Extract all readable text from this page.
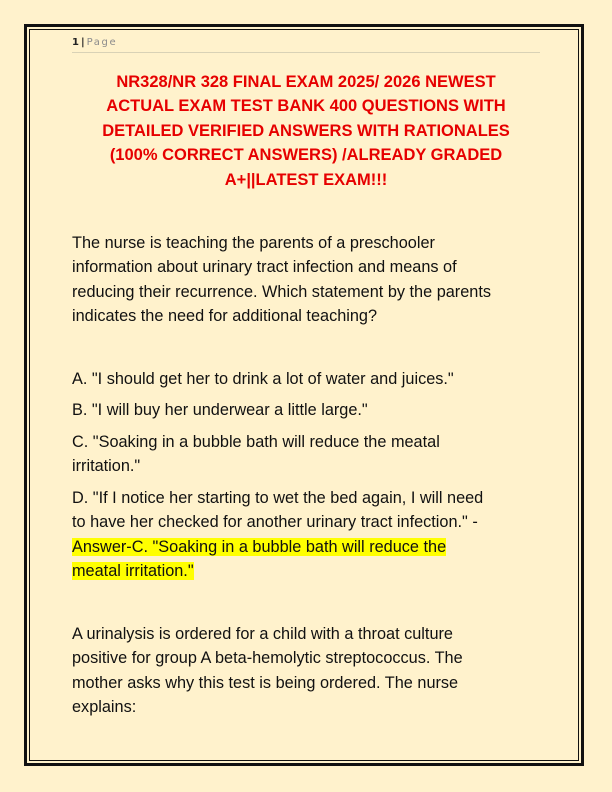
1 | Page
NR328/NR 328 FINAL EXAM 2025/ 2026 NEWEST
ACTUAL EXAM TEST BANK 400 QUESTIONS WITH
DETAILED VERIFIED ANSWERS WITH RATIONALES
(100% CORRECT ANSWERS) /ALREADY GRADED
A+||LATEST EXAM!!!
The nurse is teaching the parents of a preschooler
information about urinary tract infection and means of
reducing their recurrence. Which statement by the parents
indicates the need for additional teaching?
A. "I should get her to drink a lot of water and juices."
B. "I will buy her underwear a little large."
C. "Soaking in a bubble bath will reduce the meatal
irritation."
D. "If I notice her starting to wet the bed again, I will need
to have her checked for another urinary tract infection." -
Answer-C. "Soaking in a bubble bath will reduce the
meatal irritation."
A urinalysis is ordered for a child with a throat culture
positive for group A beta-hemolytic streptococcus. The
mother asks why this test is being ordered. The nurse
explains:
